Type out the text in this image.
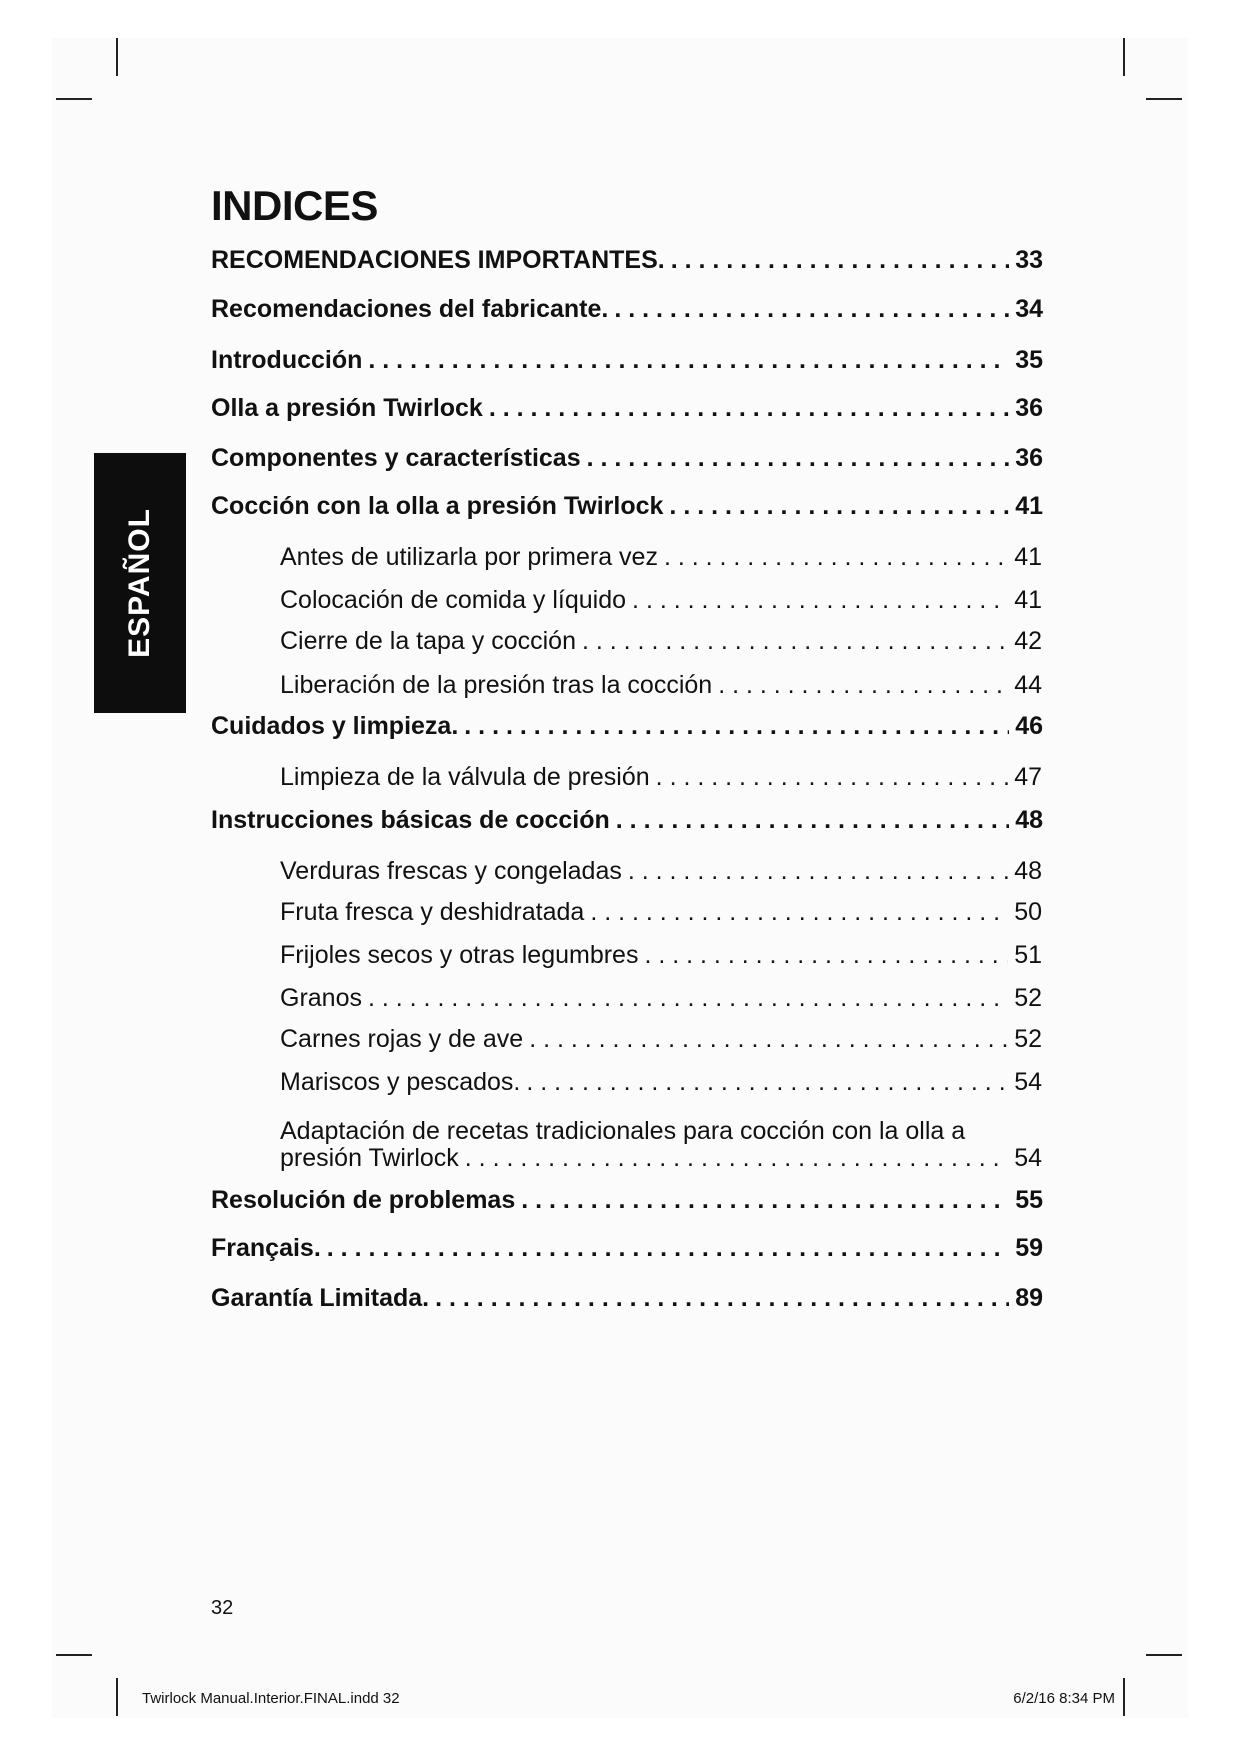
ESPAÑOL
INDICES
RECOMENDACIONES IMPORTANTES. . . .	33
Recomendaciones del fabricante. . . .	34
Introducción . . .	35
Olla a presión Twirlock . . .	36
Componentes y características . . .	36
Cocción con la olla a presión Twirlock . . .	41
Antes de utilizarla por primera vez . . .	41
Colocación de comida y líquido . . .	41
Cierre de la tapa y cocción . . .	42
Liberación de la presión tras la cocción . . .	44
Cuidados y limpieza. . . .	46
Limpieza de la válvula de presión . . .	47
Instrucciones básicas de cocción . . .	48
Verduras frescas y congeladas . . .	48
Fruta fresca y deshidratada . . .	50
Frijoles secos y otras legumbres . . .	51
Granos . . .	52
Carnes rojas y de ave . . .	52
Mariscos y pescados. . . .	54
Adaptación de recetas tradicionales para cocción con la olla a
presión Twirlock . . .	54
Resolución de problemas . . .	55
Français. . . .	59
Garantía Limitada. . . .	89
32
Twirlock Manual.Interior.FINAL.indd 32	6/2/16 8:34 PM
